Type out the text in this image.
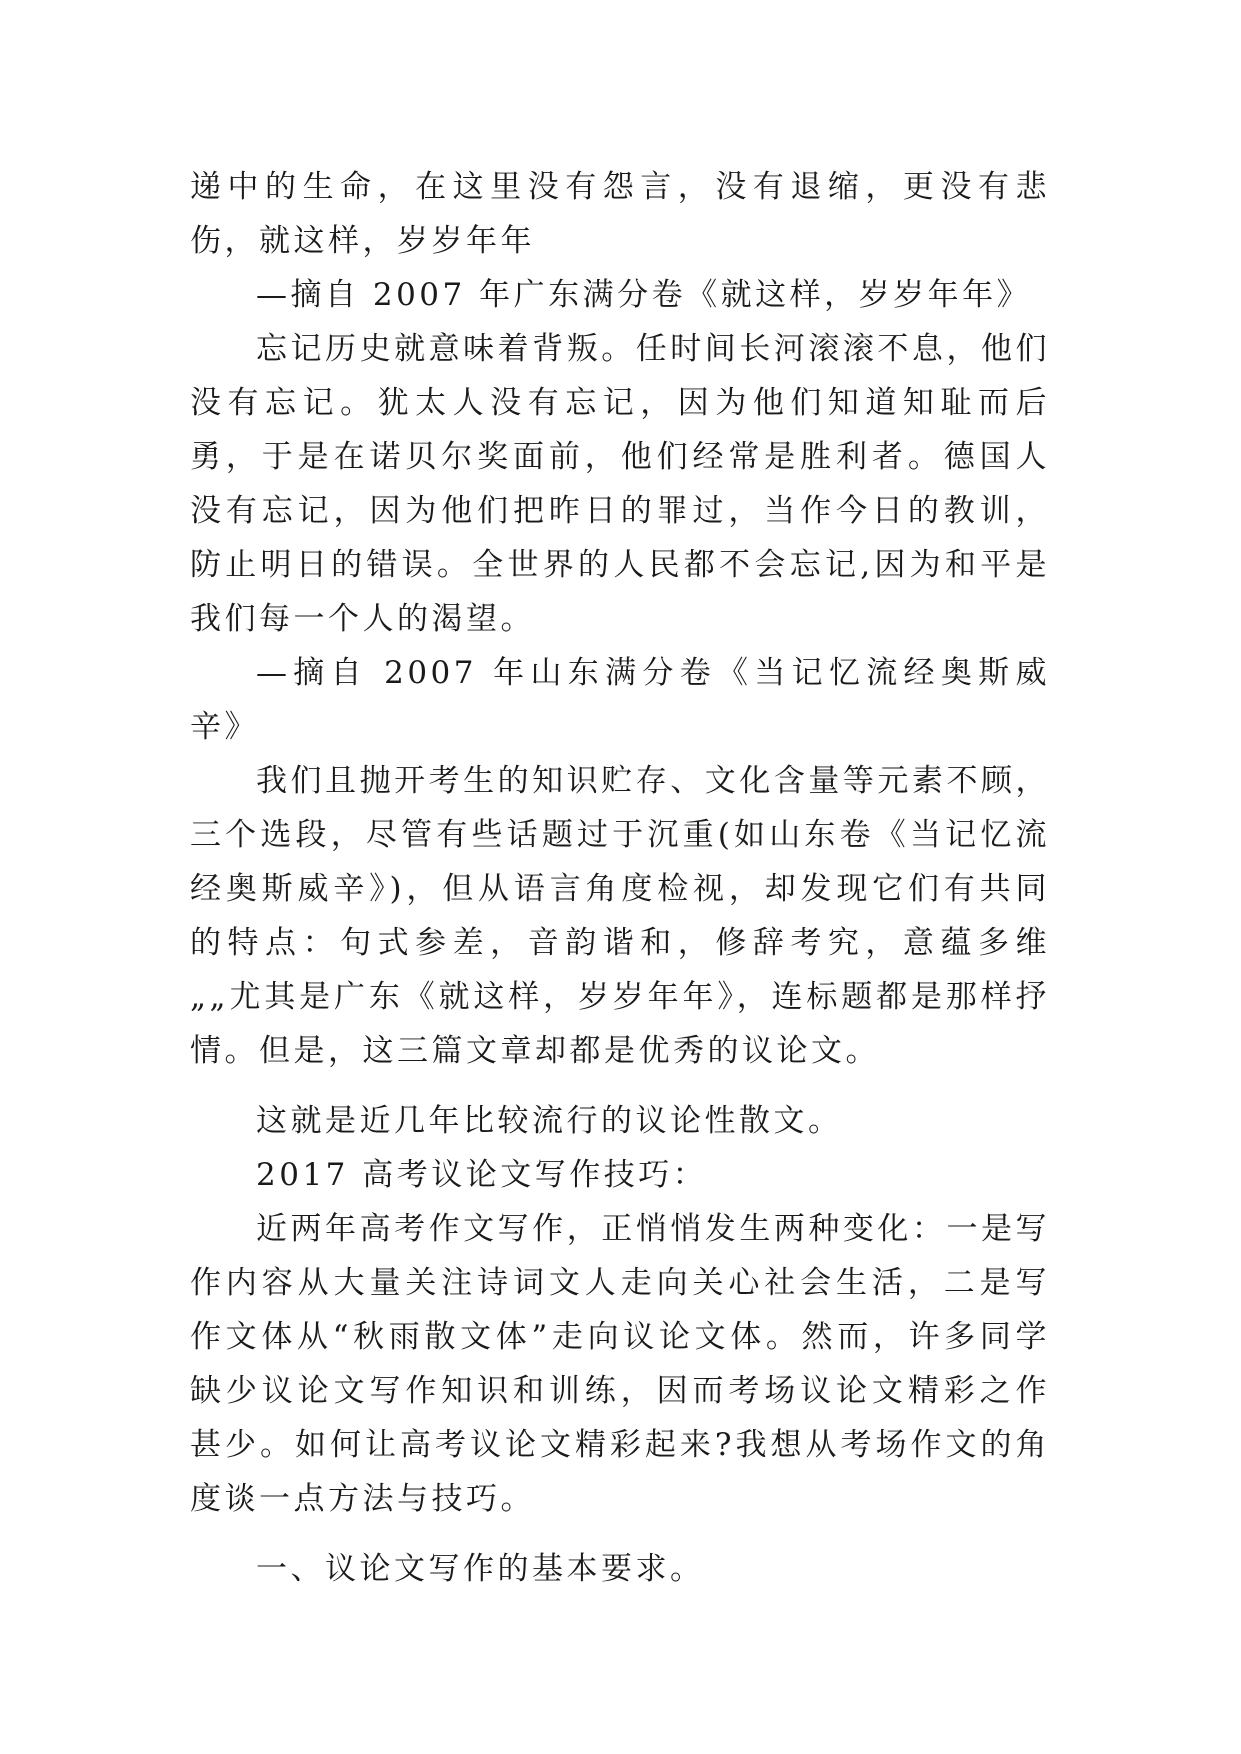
递中的生命，在这里没有怨言，没有退缩，更没有悲伤，就这样，岁岁年年

—摘自 2007 年广东满分卷《就这样，岁岁年年》

忘记历史就意味着背叛。任时间长河滚滚不息，他们没有忘记。犹太人没有忘记，因为他们知道知耻而后勇，于是在诺贝尔奖面前，他们经常是胜利者。德国人没有忘记，因为他们把昨日的罪过，当作今日的教训，防止明日的错误。全世界的人民都不会忘记,因为和平是我们每一个人的渴望。

—摘自 2007 年山东满分卷《当记忆流经奥斯威辛》

我们且抛开考生的知识贮存、文化含量等元素不顾，三个选段，尽管有些话题过于沉重(如山东卷《当记忆流经奥斯威辛》)，但从语言角度检视，却发现它们有共同的特点：句式参差，音韵谐和，修辞考究，意蕴多维„„尤其是广东《就这样，岁岁年年》，连标题都是那样抒情。但是，这三篇文章却都是优秀的议论文。

这就是近几年比较流行的议论性散文。

2017 高考议论文写作技巧：

近两年高考作文写作，正悄悄发生两种变化：一是写作内容从大量关注诗词文人走向关心社会生活，二是写作文体从“秋雨散文体”走向议论文体。然而，许多同学缺少议论文写作知识和训练，因而考场议论文精彩之作甚少。如何让高考议论文精彩起来?我想从考场作文的角度谈一点方法与技巧。

一、议论文写作的基本要求。
